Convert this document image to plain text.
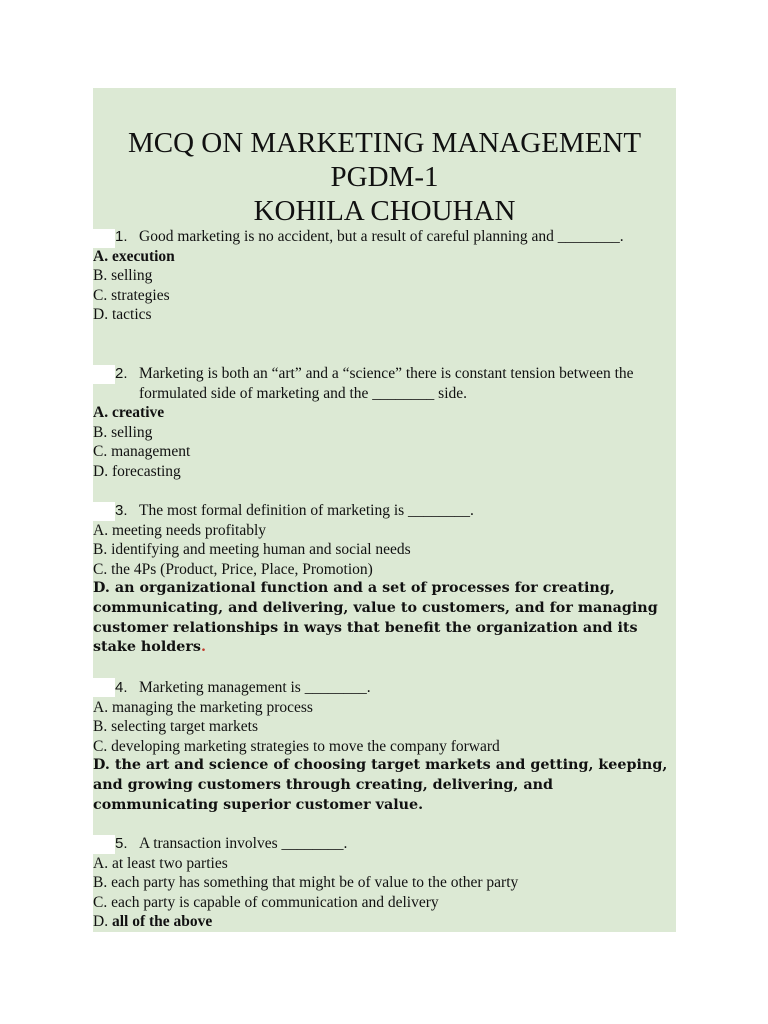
MCQ ON MARKETING MANAGEMENT
PGDM-1
KOHILA CHOUHAN
1. Good marketing is no accident, but a result of careful planning and ________.
A. execution
B. selling
C. strategies
D. tactics
2. Marketing is both an “art” and a “science” there is constant tension between the formulated side of marketing and the ________ side.
A. creative
B. selling
C. management
D. forecasting
3. The most formal definition of marketing is ________.
A. meeting needs profitably
B. identifying and meeting human and social needs
C. the 4Ps (Product, Price, Place, Promotion)
D. an organizational function and a set of processes for creating, communicating, and delivering, value to customers, and for managing customer relationships in ways that benefit the organization and its stake holders.
4. Marketing management is ________.
A. managing the marketing process
B. selecting target markets
C. developing marketing strategies to move the company forward
D. the art and science of choosing target markets and getting, keeping, and growing customers through creating, delivering, and communicating superior customer value.
5. A transaction involves ________.
A. at least two parties
B. each party has something that might be of value to the other party
C. each party is capable of communication and delivery
D. all of the above
